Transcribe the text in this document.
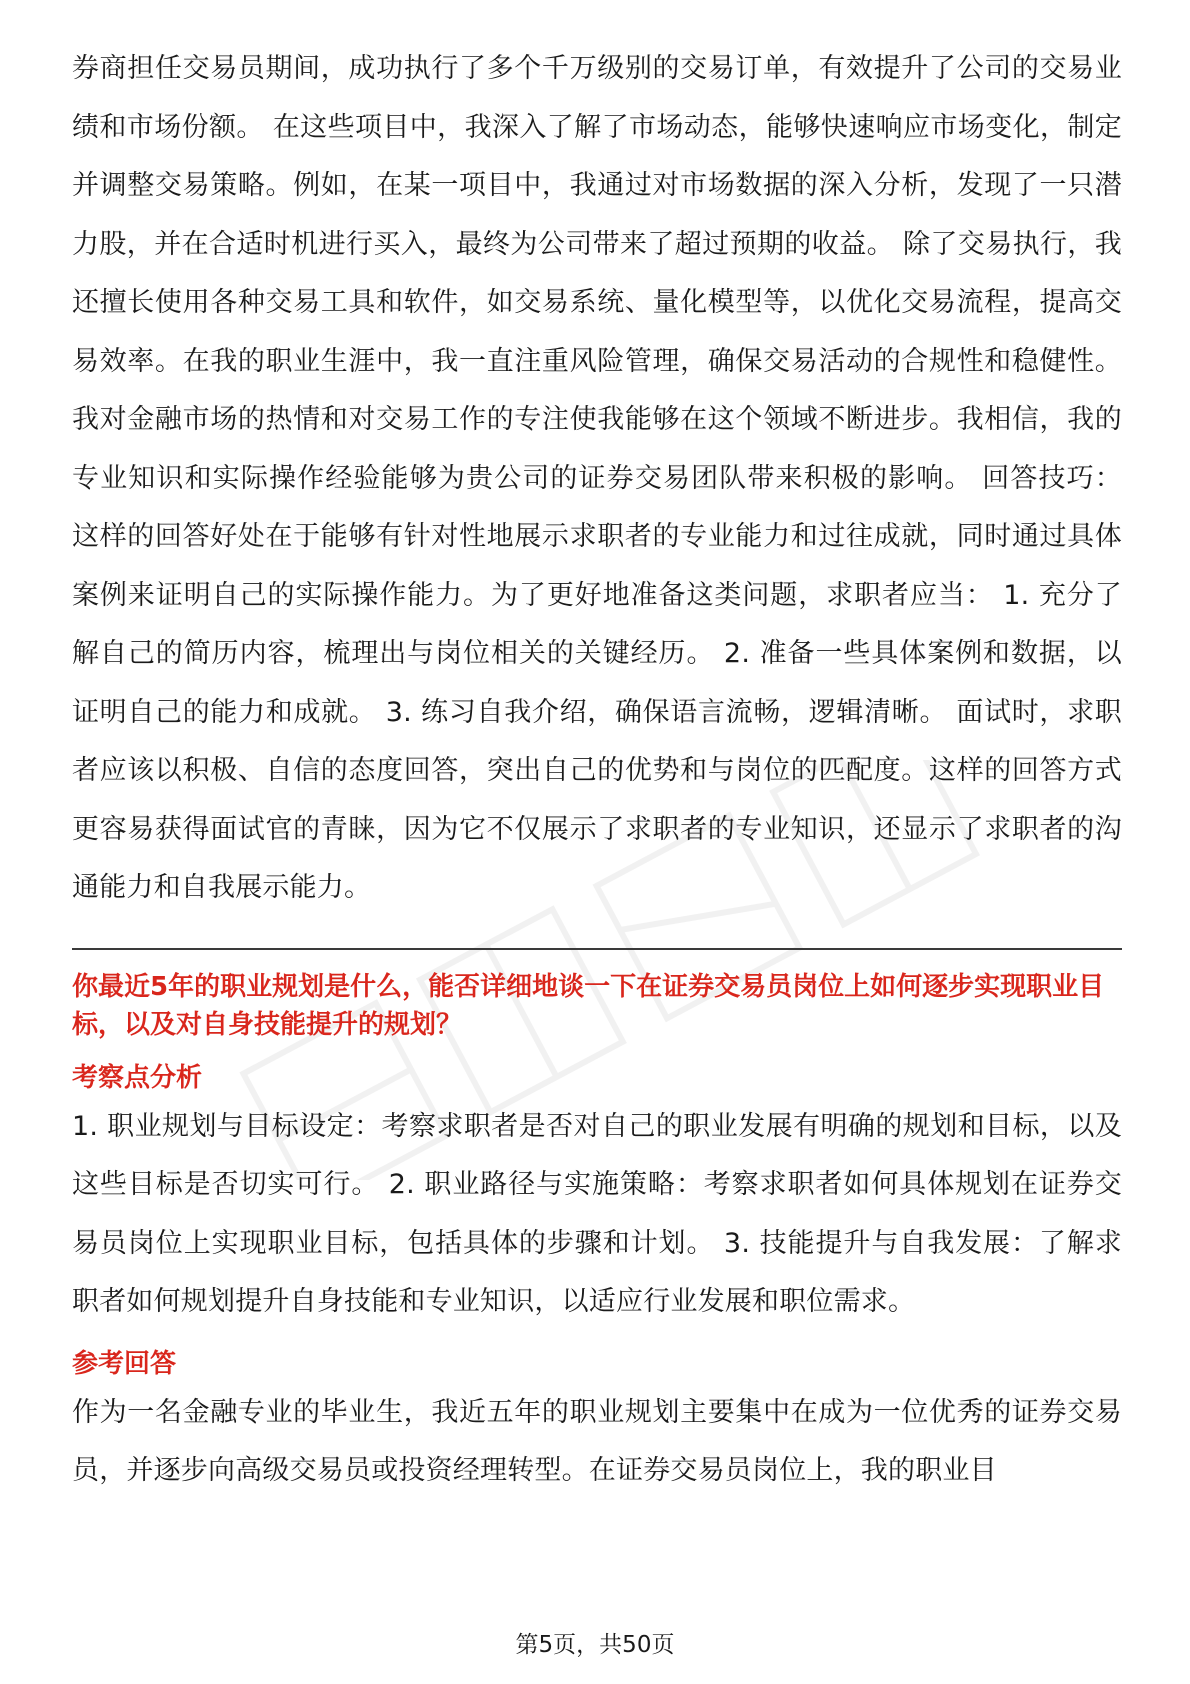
券商担任交易员期间，成功执行了多个千万级别的交易订单，有效提升了公司的交易业绩和市场份额。 在这些项目中，我深入了解了市场动态，能够快速响应市场变化，制定并调整交易策略。例如，在某一项目中，我通过对市场数据的深入分析，发现了一只潜力股，并在合适时机进行买入，最终为公司带来了超过预期的收益。 除了交易执行，我还擅长使用各种交易工具和软件，如交易系统、量化模型等，以优化交易流程，提高交易效率。在我的职业生涯中，我一直注重风险管理，确保交易活动的合规性和稳健性。 我对金融市场的热情和对交易工作的专注使我能够在这个领域不断进步。我相信，我的专业知识和实际操作经验能够为贵公司的证券交易团队带来积极的影响。 回答技巧： 这样的回答好处在于能够有针对性地展示求职者的专业能力和过往成就，同时通过具体案例来证明自己的实际操作能力。为了更好地准备这类问题，求职者应当： 1. 充分了解自己的简历内容，梳理出与岗位相关的关键经历。 2. 准备一些具体案例和数据，以证明自己的能力和成就。 3. 练习自我介绍，确保语言流畅，逻辑清晰。 面试时，求职者应该以积极、自信的态度回答，突出自己的优势和与岗位的匹配度。这样的回答方式更容易获得面试官的青睐，因为它不仅展示了求职者的专业知识，还显示了求职者的沟通能力和自我展示能力。

你最近5年的职业规划是什么，能否详细地谈一下在证券交易员岗位上如何逐步实现职业目标，以及对自身技能提升的规划？

考察点分析

1. 职业规划与目标设定：考察求职者是否对自己的职业发展有明确的规划和目标，以及这些目标是否切实可行。 2. 职业路径与实施策略：考察求职者如何具体规划在证券交易员岗位上实现职业目标，包括具体的步骤和计划。 3. 技能提升与自我发展：了解求职者如何规划提升自身技能和专业知识，以适应行业发展和职位需求。

参考回答

作为一名金融专业的毕业生，我近五年的职业规划主要集中在成为一位优秀的证券交易员，并逐步向高级交易员或投资经理转型。在证券交易员岗位上，我的职业目

第5页，共50页
